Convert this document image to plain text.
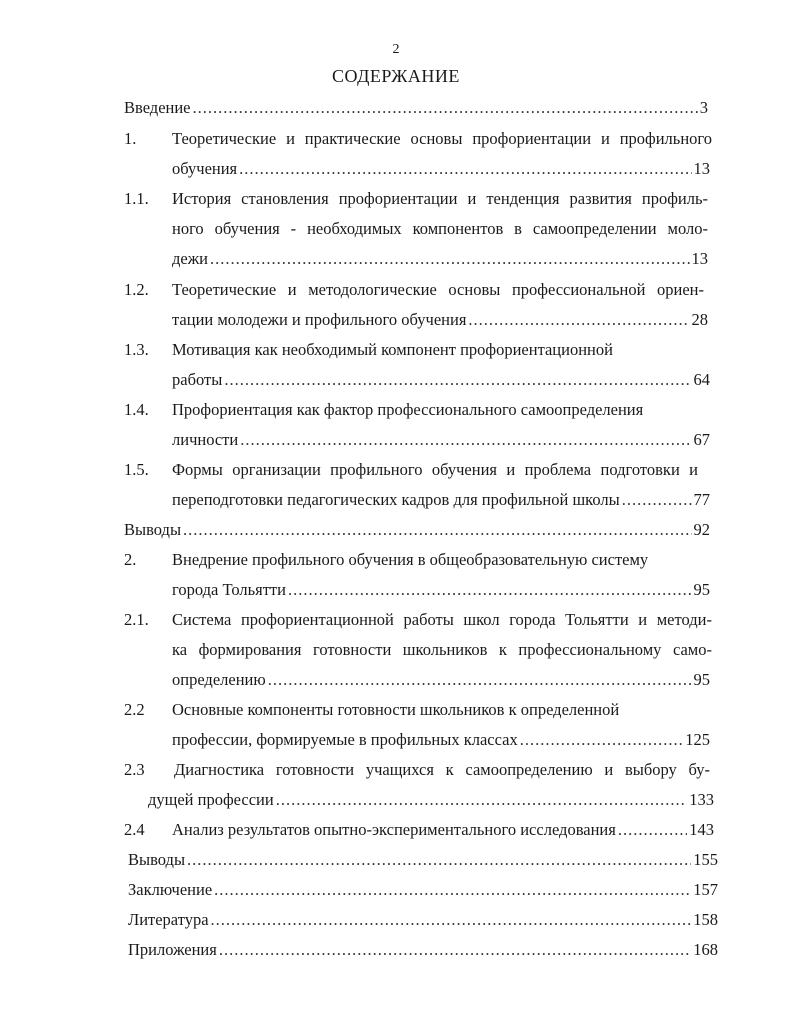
2
СОДЕРЖАНИЕ
Введение .....	3
1. Теоретические и практические основы профориентации и профильного
обучения .....	13
1.1. История становления профориентации и тенденция развития профиль-
ного обучения - необходимых компонентов в самоопределении моло-
дежи .....	13
1.2. Теоретические и методологические основы профессиональной ориен-
тации молодежи и профильного обучения .....	28
1.3. Мотивация как необходимый компонент профориентационной
работы .....	64
1.4. Профориентация как фактор профессионального самоопределения
личности .....	67
1.5. Формы организации профильного обучения и проблема подготовки и
переподготовки педагогических кадров для профильной школы .....	77
Выводы .....	92
2. Внедрение профильного обучения в общеобразовательную систему
города Тольятти .....	95
2.1. Система профориентационной работы школ города Тольятти и методи-
ка формирования готовности школьников к профессиональному само-
определению .....	95
2.2 Основные компоненты готовности школьников к определенной
профессии, формируемые в профильных классах .....	125
2.3 Диагностика готовности учащихся к самоопределению и выбору бу-
дущей профессии .....	133
2.4 Анализ результатов опытно-экспериментального исследования .....	143
Выводы .....	155
Заключение .....	157
Литература .....	158
Приложения .....	168
